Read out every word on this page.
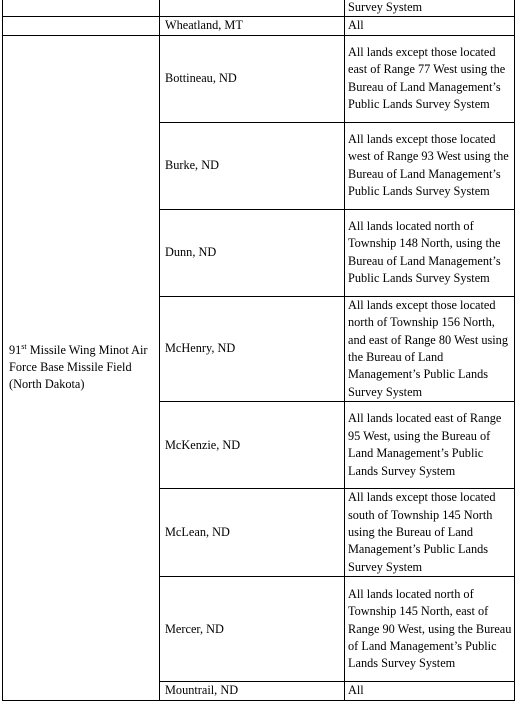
		Survey System
	Wheatland, MT	All
91st Missile Wing Minot Air Force Base Missile Field (North Dakota)	Bottineau, ND	All lands except those located east of Range 77 West using the Bureau of Land Management’s Public Lands Survey System
	Burke, ND	All lands except those located west of Range 93 West using the Bureau of Land Management’s Public Lands Survey System
	Dunn, ND	All lands located north of Township 148 North, using the Bureau of Land Management’s Public Lands Survey System
	McHenry, ND	All lands except those located north of Township 156 North, and east of Range 80 West using the Bureau of Land Management’s Public Lands Survey System
	McKenzie, ND	All lands located east of Range 95 West, using the Bureau of Land Management’s Public Lands Survey System
	McLean, ND	All lands except those located south of Township 145 North using the Bureau of Land Management’s Public Lands Survey System
	Mercer, ND	All lands located north of Township 145 North, east of Range 90 West, using the Bureau of Land Management’s Public Lands Survey System
	Mountrail, ND	All
